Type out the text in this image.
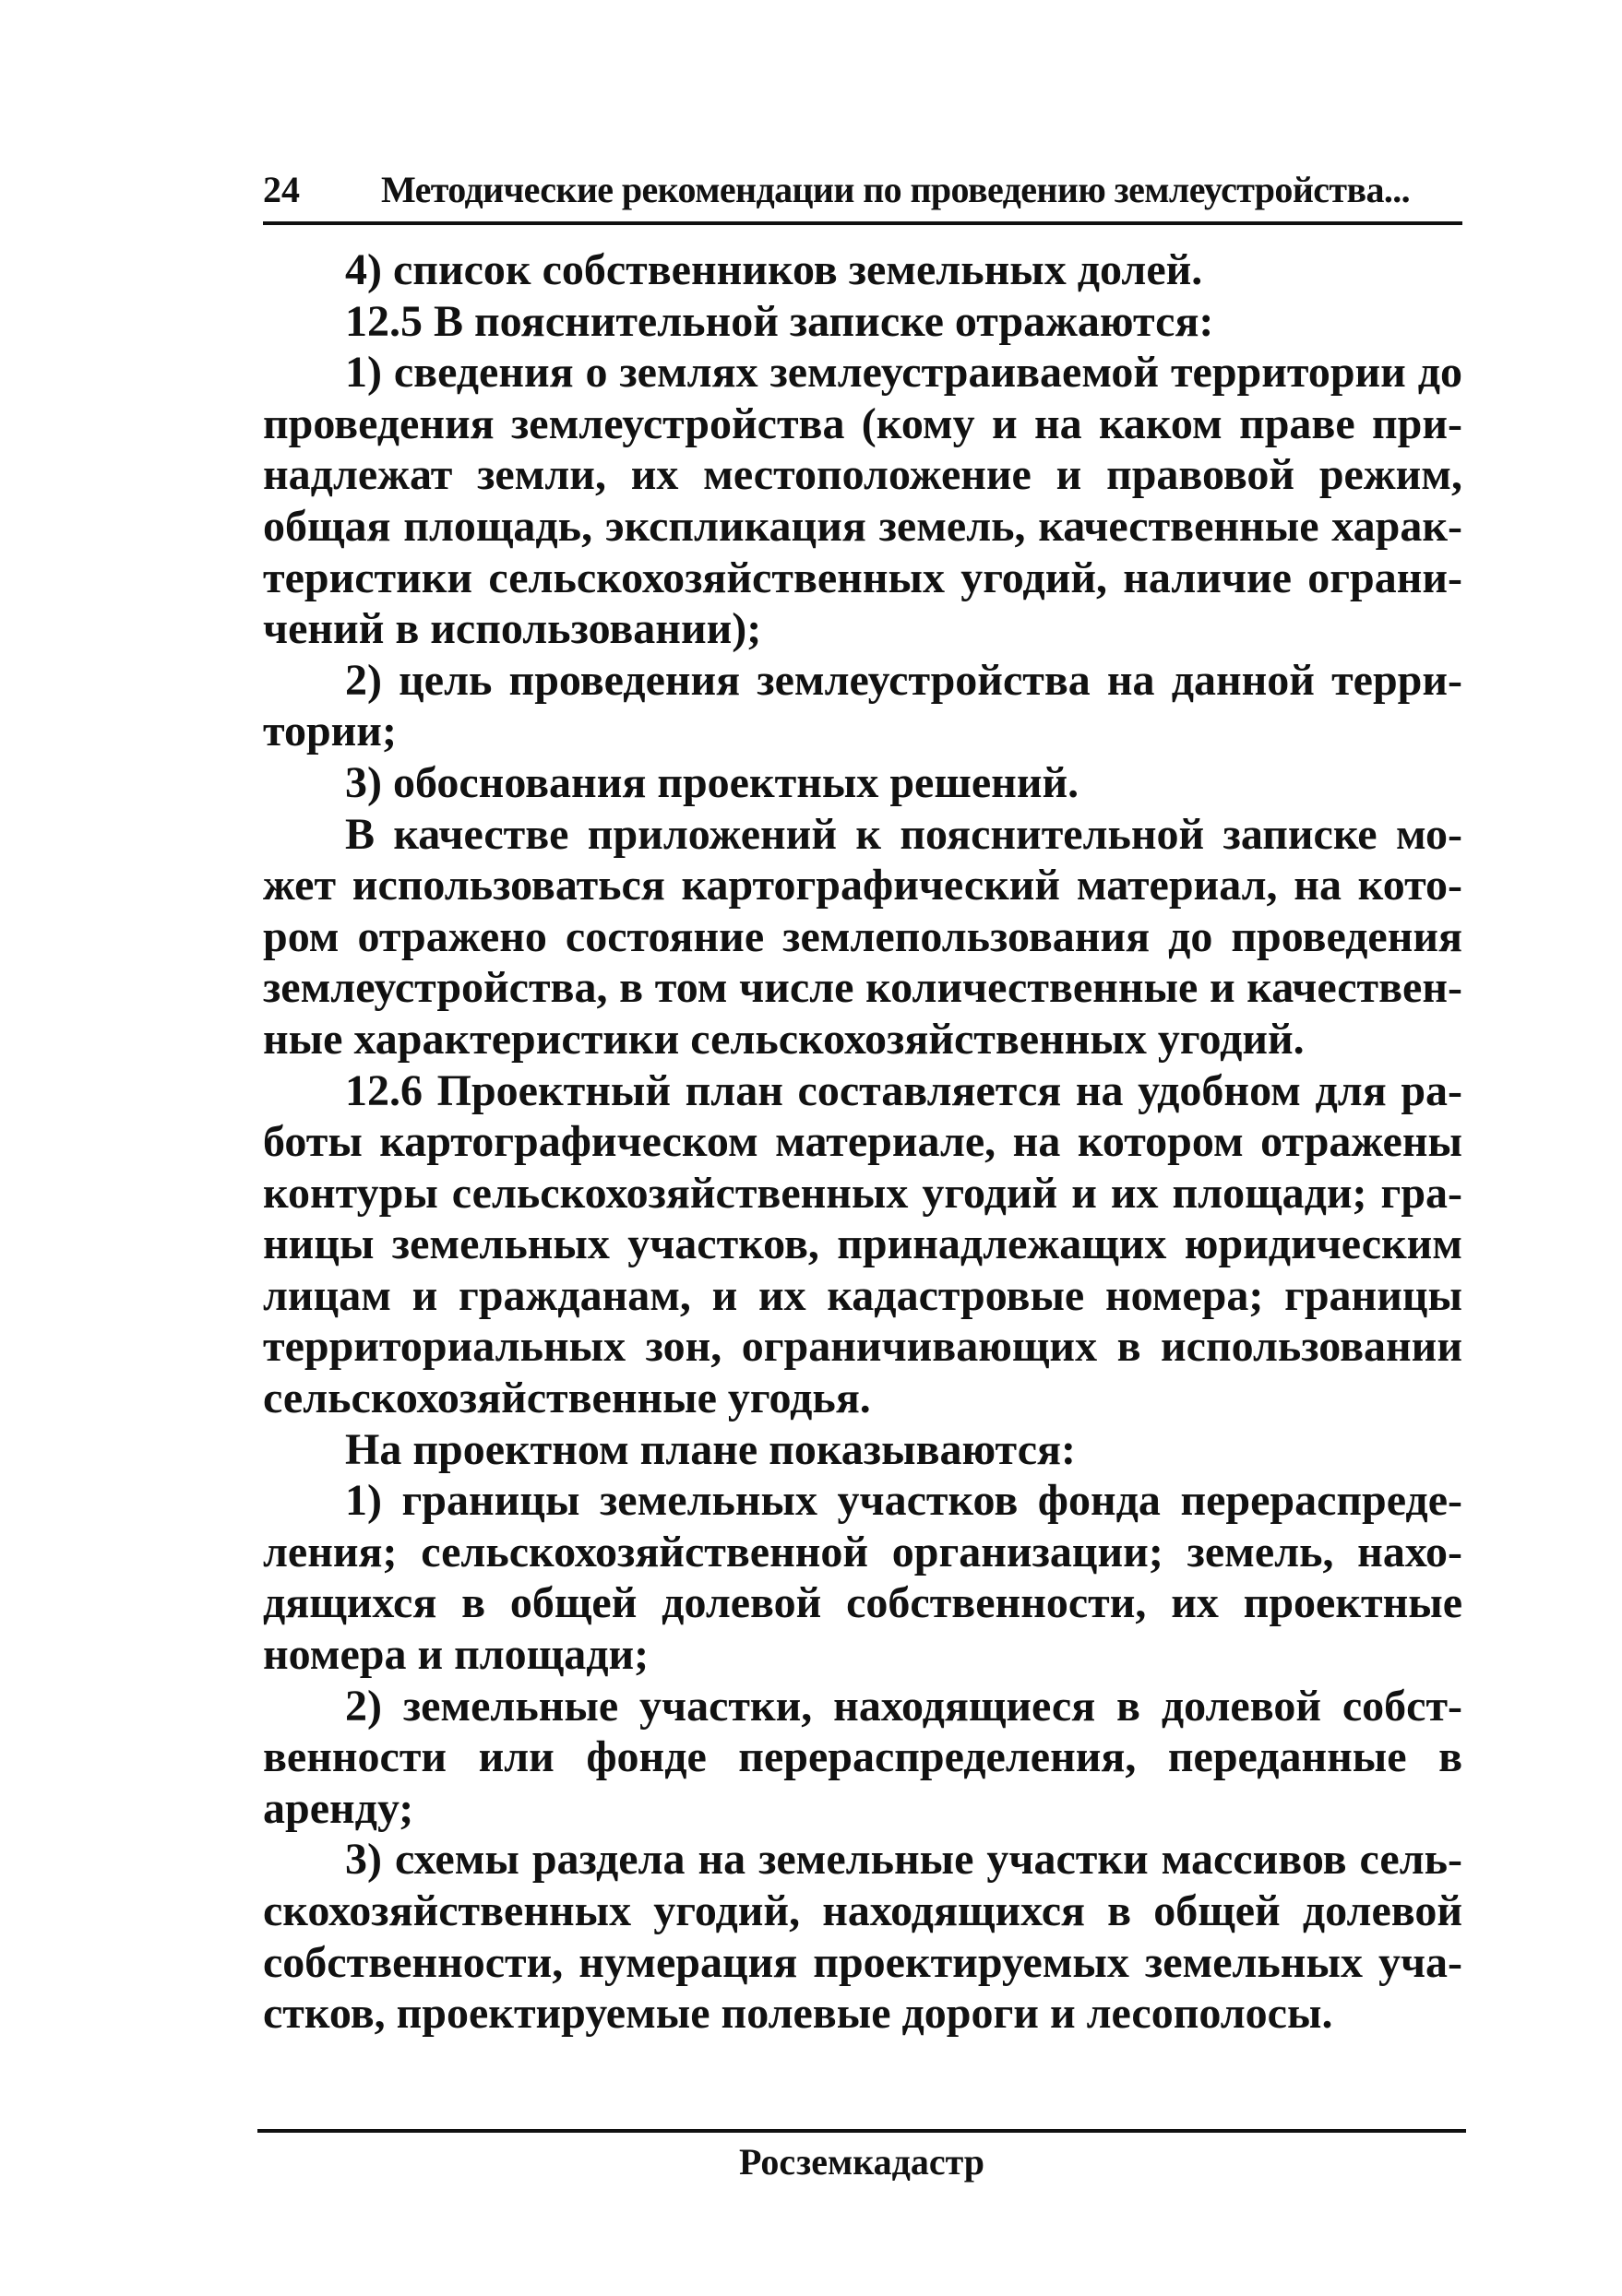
24 Методические рекомендации по проведению землеустройства...

4) список собственников земельных долей.

12.5 В пояснительной записке отражаются:

1) сведения о землях землеустраиваемой территории до проведения землеустройства (кому и на каком праве принадлежат земли, их местоположение и правовой режим, общая площадь, экспликация земель, качественные характеристики сельскохозяйственных угодий, наличие ограничений в использовании);

2) цель проведения землеустройства на данной территории;

3) обоснования проектных решений.

В качестве приложений к пояснительной записке может использоваться картографический материал, на котором отражено состояние землепользования до проведения землеустройства, в том числе количественные и качественные характеристики сельскохозяйственных угодий.

12.6 Проектный план составляется на удобном для работы картографическом материале, на котором отражены контуры сельскохозяйственных угодий и их площади; границы земельных участков, принадлежащих юридическим лицам и гражданам, и их кадастровые номера; границы территориальных зон, ограничивающих в использовании сельскохозяйственные угодья.

На проектном плане показываются:

1) границы земельных участков фонда перераспределения; сельскохозяйственной организации; земель, находящихся в общей долевой собственности, их проектные номера и площади;

2) земельные участки, находящиеся в долевой собственности или фонде перераспределения, переданные в аренду;

3) схемы раздела на земельные участки массивов сельскохозяйственных угодий, находящихся в общей долевой собственности, нумерация проектируемых земельных участков, проектируемые полевые дороги и лесополосы.

Росземкадастр
